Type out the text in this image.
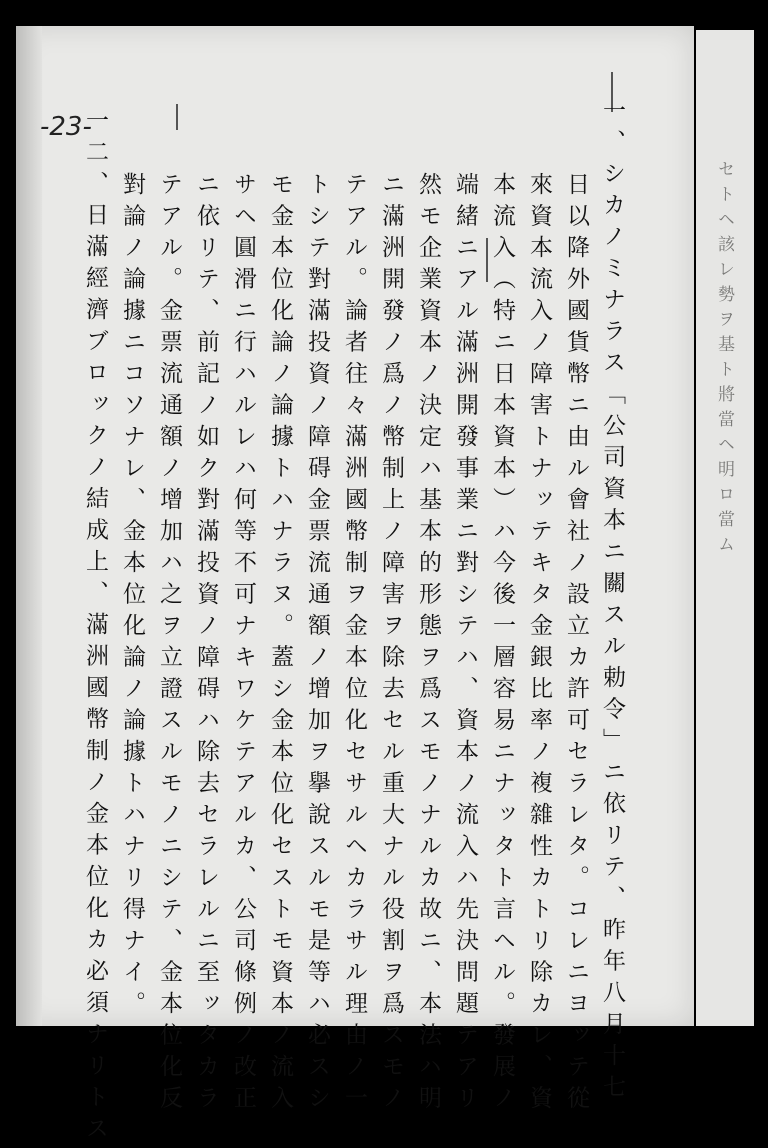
セトヘ該レ勢ヲ基ト將當ヘ明ロ當ム
-23-	一、シカノミナラス「公司資本ニ關スル勅令」ニ依リテ、昨年八月十七
日以降外國貨幣ニ由ル會社ノ設立カ許可セラレタ。コレニヨッテ從
來資本流入ノ障害トナッテキタ金銀比率ノ複雜性カトリ除カレ、資
本流入（特ニ日本資本）ハ今後一層容易ニナッタト言ヘル。發展ノ
端緒ニアル滿洲開發事業ニ對シテハ、資本ノ流入ハ先決問題テアリ
然モ企業資本ノ決定ハ基本的形態ヲ爲スモノナルカ故ニ、本法ハ明
ニ滿洲開發ノ爲ノ幣制上ノ障害ヲ除去セル重大ナル役割ヲ爲スモノ
テアル。論者往々滿洲國幣制ヲ金本位化セサルヘカラサル理由ノ一
トシテ對滿投資ノ障碍金票流通額ノ增加ヲ擧說スルモ是等ハ必スシ
モ金本位化論ノ論據トハナラヌ。蓋シ金本位化セストモ資本ノ流入
サヘ圓滑ニ行ハルレハ何等不可ナキワケテアルカ、公司條例ノ改正
ニ依リテ、前記ノ如ク對滿投資ノ障碍ハ除去セラレルニ至ッタカラ
テアル。金票流通額ノ增加ハ之ヲ立證スルモノニシテ、金本位化反
對論ノ論據ニコソナレ、金本位化論ノ論據トハナリ得ナイ。
一二、日滿經濟ブロックノ結成上、滿洲國幣制ノ金本位化カ必須ナリトス
